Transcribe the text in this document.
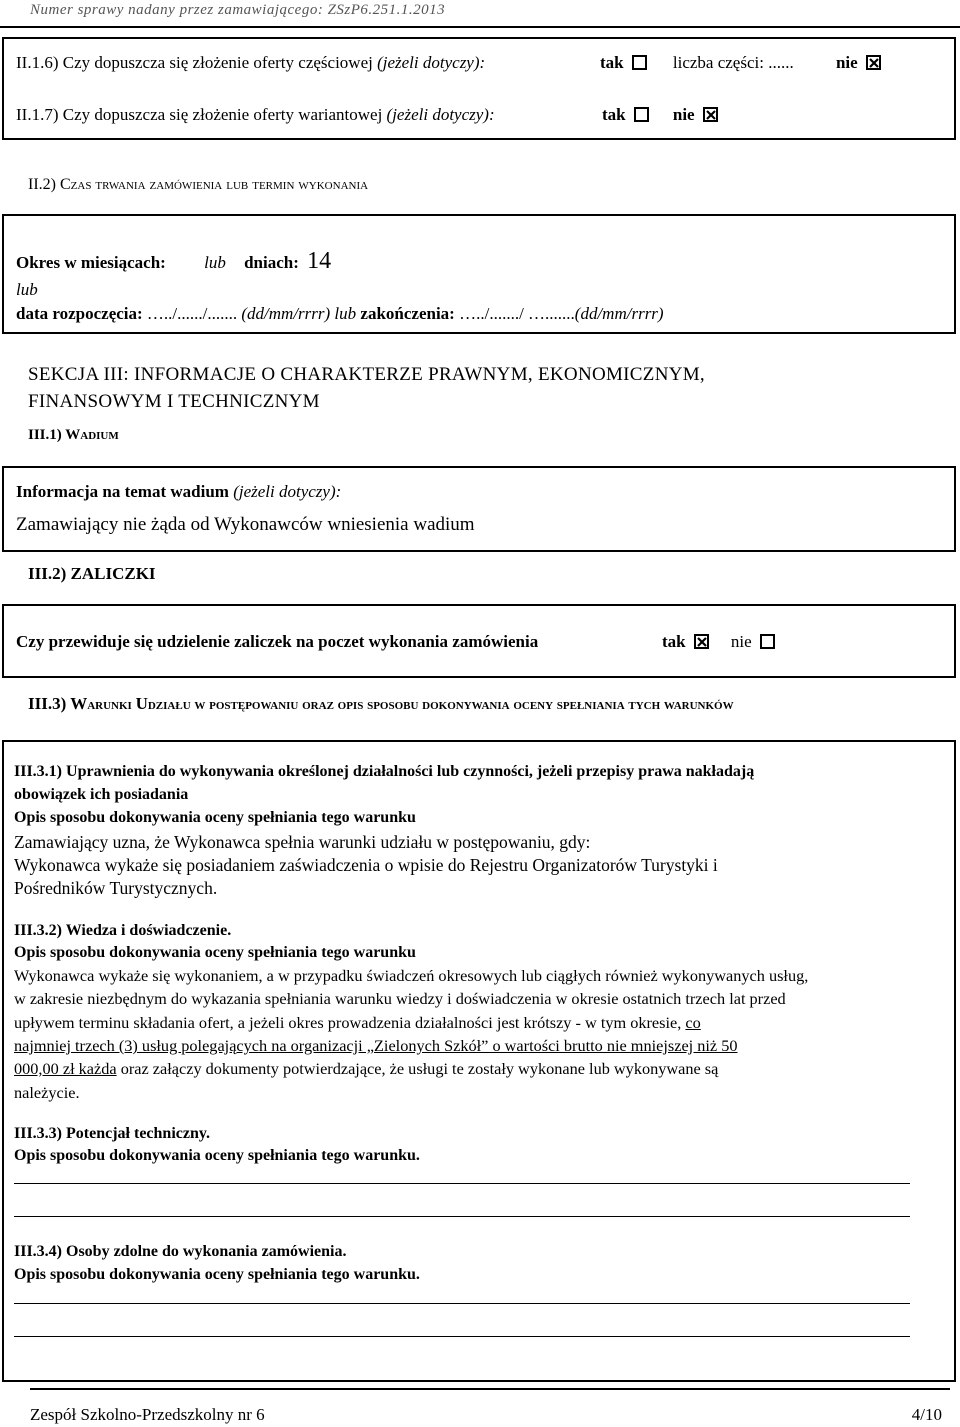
Numer sprawy nadany przez zamawiającego: ZSzP6.251.1.2013
II.1.6) Czy dopuszcza się złożenie oferty częściowej (jeżeli dotyczy):	tak	liczba części: ...... nie
II.1.7) Czy dopuszcza się złożenie oferty wariantowej (jeżeli dotyczy):	tak	nie
II.2) Czas trwania zamówienia lub termin wykonania
Okres w miesiącach: lub dniach: 14
lub
data rozpoczęcia: …../....../....... (dd/mm/rrrr) lub zakończenia: …../......./ ….......(dd/mm/rrrr)
SEKCJA III: INFORMACJE O CHARAKTERZE PRAWNYM, EKONOMICZNYM,
FINANSOWYM I TECHNICZNYM
III.1) Wadium
Informacja na temat wadium (jeżeli dotyczy):
Zamawiający nie żąda od Wykonawców wniesienia wadium
III.2) ZALICZKI
Czy przewiduje się udzielenie zaliczek na poczet wykonania zamówienia	tak	nie
III.3) Warunki Udziału w postępowaniu oraz opis sposobu dokonywania oceny spełniania tych warunków
III.3.1) Uprawnienia do wykonywania określonej działalności lub czynności, jeżeli przepisy prawa nakładają
obowiązek ich posiadania
Opis sposobu dokonywania oceny spełniania tego warunku
Zamawiający uzna, że Wykonawca spełnia warunki udziału w postępowaniu, gdy:
Wykonawca wykaże się posiadaniem zaświadczenia o wpisie do Rejestru Organizatorów Turystyki i
Pośredników Turystycznych.
III.3.2) Wiedza i doświadczenie.
Opis sposobu dokonywania oceny spełniania tego warunku
Wykonawca wykaże się wykonaniem, a w przypadku świadczeń okresowych lub ciągłych również wykonywanych usług,
w zakresie niezbędnym do wykazania spełniania warunku wiedzy i doświadczenia w okresie ostatnich trzech lat przed
upływem terminu składania ofert, a jeżeli okres prowadzenia działalności jest krótszy - w tym okresie, co
najmniej trzech (3) usług polegających na organizacji „Zielonych Szkół” o wartości brutto nie mniejszej niż 50
000,00 zł każda oraz załączy dokumenty potwierdzające, że usługi te zostały wykonane lub wykonywane są
należycie.
III.3.3) Potencjał techniczny.
Opis sposobu dokonywania oceny spełniania tego warunku.
III.3.4) Osoby zdolne do wykonania zamówienia.
Opis sposobu dokonywania oceny spełniania tego warunku.
Zespół Szkolno-Przedszkolny nr 6	4/10
